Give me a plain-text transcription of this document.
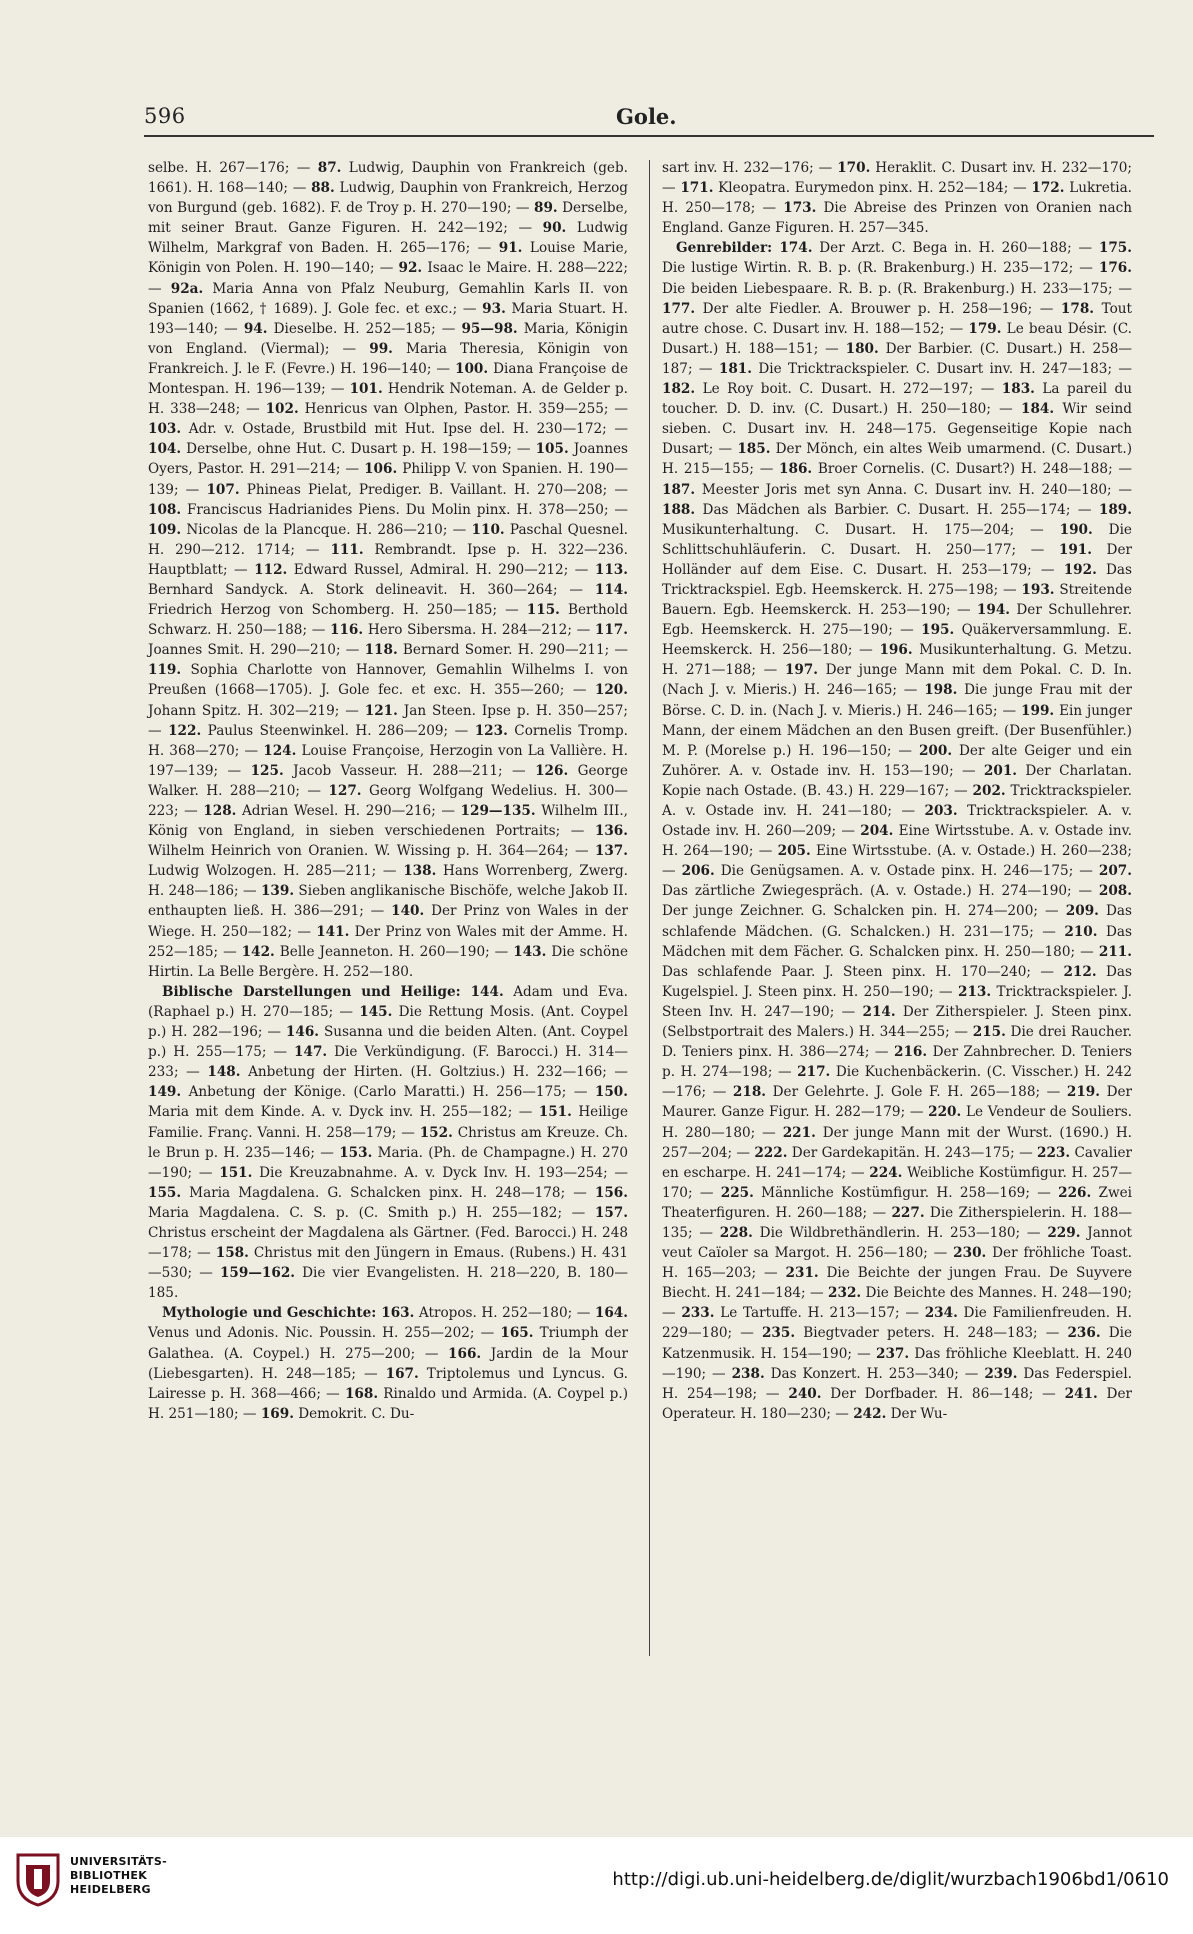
596	Gole.

selbe. H. 267—176; — 87. Ludwig, Dauphin von Frankreich (geb. 1661). H. 168—140; — 88. Ludwig, Dauphin von Frankreich, Herzog von Burgund (geb. 1682). F. de Troy p. H. 270—190; — 89. Derselbe, mit seiner Braut. Ganze Figuren. H. 242—192; — 90. Ludwig Wilhelm, Markgraf von Baden. H. 265—176; — 91. Louise Marie, Königin von Polen. H. 190—140; — 92. Isaac le Maire. H. 288—222; — 92a. Maria Anna von Pfalz Neuburg, Gemahlin Karls II. von Spanien (1662, † 1689). J. Gole fec. et exc.; — 93. Maria Stuart. H. 193—140; — 94. Dieselbe. H. 252—185; — 95—98. Maria, Königin von England. (Viermal); — 99. Maria Theresia, Königin von Frankreich. J. le F. (Fevre.) H. 196—140; — 100. Diana Françoise de Montespan. H. 196—139; — 101. Hendrik Noteman. A. de Gelder p. H. 338—248; — 102. Henricus van Olphen, Pastor. H. 359—255; — 103. Adr. v. Ostade, Brustbild mit Hut. Ipse del. H. 230—172; — 104. Derselbe, ohne Hut. C. Dusart p. H. 198—159; — 105. Joannes Oyers, Pastor. H. 291—214; — 106. Philipp V. von Spanien. H. 190—139; — 107. Phineas Pielat, Prediger. B. Vaillant. H. 270—208; — 108. Franciscus Hadrianides Piens. Du Molin pinx. H. 378—250; — 109. Nicolas de la Plancque. H. 286—210; — 110. Paschal Quesnel. H. 290—212. 1714; — 111. Rembrandt. Ipse p. H. 322—236. Hauptblatt; — 112. Edward Russel, Admiral. H. 290—212; — 113. Bernhard Sandyck. A. Stork delineavit. H. 360—264; — 114. Friedrich Herzog von Schomberg. H. 250—185; — 115. Berthold Schwarz. H. 250—188; — 116. Hero Sibersma. H. 284—212; — 117. Joannes Smit. H. 290—210; — 118. Bernard Somer. H. 290—211; — 119. Sophia Charlotte von Hannover, Gemahlin Wilhelms I. von Preußen (1668—1705). J. Gole fec. et exc. H. 355—260; — 120. Johann Spitz. H. 302—219; — 121. Jan Steen. Ipse p. H. 350—257; — 122. Paulus Steenwinkel. H. 286—209; — 123. Cornelis Tromp. H. 368—270; — 124. Louise Françoise, Herzogin von La Vallière. H. 197—139; — 125. Jacob Vasseur. H. 288—211; — 126. George Walker. H. 288—210; — 127. Georg Wolfgang Wedelius. H. 300—223; — 128. Adrian Wesel. H. 290—216; — 129—135. Wilhelm III., König von England, in sieben verschiedenen Portraits; — 136. Wilhelm Heinrich von Oranien. W. Wissing p. H. 364—264; — 137. Ludwig Wolzogen. H. 285—211; — 138. Hans Worrenberg, Zwerg. H. 248—186; — 139. Sieben anglikanische Bischöfe, welche Jakob II. enthaupten ließ. H. 386—291; — 140. Der Prinz von Wales in der Wiege. H. 250—182; — 141. Der Prinz von Wales mit der Amme. H. 252—185; — 142. Belle Jeanneton. H. 260—190; — 143. Die schöne Hirtin. La Belle Bergère. H. 252—180.

Biblische Darstellungen und Heilige: 144. Adam und Eva. (Raphael p.) H. 270—185; — 145. Die Rettung Mosis. (Ant. Coypel p.) H. 282—196; — 146. Susanna und die beiden Alten. (Ant. Coypel p.) H. 255—175; — 147. Die Verkündigung. (F. Barocci.) H. 314—233; — 148. Anbetung der Hirten. (H. Goltzius.) H. 232—166; — 149. Anbetung der Könige. (Carlo Maratti.) H. 256—175; — 150. Maria mit dem Kinde. A. v. Dyck inv. H. 255—182; — 151. Heilige Familie. Franç. Vanni. H. 258—179; — 152. Christus am Kreuze. Ch. le Brun p. H. 235—146; — 153. Maria. (Ph. de Champagne.) H. 270—190; — 151. Die Kreuzabnahme. A. v. Dyck Inv. H. 193—254; — 155. Maria Magdalena. G. Schalcken pinx. H. 248—178; — 156. Maria Magdalena. C. S. p. (C. Smith p.) H. 255—182; — 157. Christus erscheint der Magdalena als Gärtner. (Fed. Barocci.) H. 248—178; — 158. Christus mit den Jüngern in Emaus. (Rubens.) H. 431—530; — 159—162. Die vier Evangelisten. H. 218—220, B. 180—185.

Mythologie und Geschichte: 163. Atropos. H. 252—180; — 164. Venus und Adonis. Nic. Poussin. H. 255—202; — 165. Triumph der Galathea. (A. Coypel.) H. 275—200; — 166. Jardin de la Mour (Liebesgarten). H. 248—185; — 167. Triptolemus und Lyncus. G. Lairesse p. H. 368—466; — 168. Rinaldo und Armida. (A. Coypel p.) H. 251—180; — 169. Demokrit. C. Du-

sart inv. H. 232—176; — 170. Heraklit. C. Dusart inv. H. 232—170; — 171. Kleopatra. Eurymedon pinx. H. 252—184; — 172. Lukretia. H. 250—178; — 173. Die Abreise des Prinzen von Oranien nach England. Ganze Figuren. H. 257—345.

Genrebilder: 174. Der Arzt. C. Bega in. H. 260—188; — 175. Die lustige Wirtin. R. B. p. (R. Brakenburg.) H. 235—172; — 176. Die beiden Liebespaare. R. B. p. (R. Brakenburg.) H. 233—175; — 177. Der alte Fiedler. A. Brouwer p. H. 258—196; — 178. Tout autre chose. C. Dusart inv. H. 188—152; — 179. Le beau Désir. (C. Dusart.) H. 188—151; — 180. Der Barbier. (C. Dusart.) H. 258—187; — 181. Die Tricktrackspieler. C. Dusart inv. H. 247—183; — 182. Le Roy boit. C. Dusart. H. 272—197; — 183. La pareil du toucher. D. D. inv. (C. Dusart.) H. 250—180; — 184. Wir seind sieben. C. Dusart inv. H. 248—175. Gegenseitige Kopie nach Dusart; — 185. Der Mönch, ein altes Weib umarmend. (C. Dusart.) H. 215—155; — 186. Broer Cornelis. (C. Dusart?) H. 248—188; — 187. Meester Joris met syn Anna. C. Dusart inv. H. 240—180; — 188. Das Mädchen als Barbier. C. Dusart. H. 255—174; — 189. Musikunterhaltung. C. Dusart. H. 175—204; — 190. Die Schlittschuhläuferin. C. Dusart. H. 250—177; — 191. Der Holländer auf dem Eise. C. Dusart. H. 253—179; — 192. Das Tricktrackspiel. Egb. Heemskerck. H. 275—198; — 193. Streitende Bauern. Egb. Heemskerck. H. 253—190; — 194. Der Schullehrer. Egb. Heemskerck. H. 275—190; — 195. Quäkerversammlung. E. Heemskerck. H. 256—180; — 196. Musikunterhaltung. G. Metzu. H. 271—188; — 197. Der junge Mann mit dem Pokal. C. D. In. (Nach J. v. Mieris.) H. 246—165; — 198. Die junge Frau mit der Börse. C. D. in. (Nach J. v. Mieris.) H. 246—165; — 199. Ein junger Mann, der einem Mädchen an den Busen greift. (Der Busenfühler.) M. P. (Morelse p.) H. 196—150; — 200. Der alte Geiger und ein Zuhörer. A. v. Ostade inv. H. 153—190; — 201. Der Charlatan. Kopie nach Ostade. (B. 43.) H. 229—167; — 202. Tricktrackspieler. A. v. Ostade inv. H. 241—180; — 203. Tricktrackspieler. A. v. Ostade inv. H. 260—209; — 204. Eine Wirtsstube. A. v. Ostade inv. H. 264—190; — 205. Eine Wirtsstube. (A. v. Ostade.) H. 260—238; — 206. Die Genügsamen. A. v. Ostade pinx. H. 246—175; — 207. Das zärtliche Zwiegespräch. (A. v. Ostade.) H. 274—190; — 208. Der junge Zeichner. G. Schalcken pin. H. 274—200; — 209. Das schlafende Mädchen. (G. Schalcken.) H. 231—175; — 210. Das Mädchen mit dem Fächer. G. Schalcken pinx. H. 250—180; — 211. Das schlafende Paar. J. Steen pinx. H. 170—240; — 212. Das Kugelspiel. J. Steen pinx. H. 250—190; — 213. Tricktrackspieler. J. Steen Inv. H. 247—190; — 214. Der Zitherspieler. J. Steen pinx. (Selbstportrait des Malers.) H. 344—255; — 215. Die drei Raucher. D. Teniers pinx. H. 386—274; — 216. Der Zahnbrecher. D. Teniers p. H. 274—198; — 217. Die Kuchenbäckerin. (C. Visscher.) H. 242—176; — 218. Der Gelehrte. J. Gole F. H. 265—188; — 219. Der Maurer. Ganze Figur. H. 282—179; — 220. Le Vendeur de Souliers. H. 280—180; — 221. Der junge Mann mit der Wurst. (1690.) H. 257—204; — 222. Der Gardekapitän. H. 243—175; — 223. Cavalier en escharpe. H. 241—174; — 224. Weibliche Kostümfigur. H. 257—170; — 225. Männliche Kostümfigur. H. 258—169; — 226. Zwei Theaterfiguren. H. 260—188; — 227. Die Zitherspielerin. H. 188—135; — 228. Die Wildbrethändlerin. H. 253—180; — 229. Jannot veut Caïoler sa Margot. H. 256—180; — 230. Der fröhliche Toast. H. 165—203; — 231. Die Beichte der jungen Frau. De Suyvere Biecht. H. 241—184; — 232. Die Beichte des Mannes. H. 248—190; — 233. Le Tartuffe. H. 213—157; — 234. Die Familienfreuden. H. 229—180; — 235. Biegtvader peters. H. 248—183; — 236. Die Katzenmusik. H. 154—190; — 237. Das fröhliche Kleeblatt. H. 240—190; — 238. Das Konzert. H. 253—340; — 239. Das Federspiel. H. 254—198; — 240. Der Dorfbader. H. 86—148; — 241. Der Operateur. H. 180—230; — 242. Der Wu-

UNIVERSITÄTS-
BIBLIOTHEK
HEIDELBERG	http://digi.ub.uni-heidelberg.de/diglit/wurzbach1906bd1/0610
